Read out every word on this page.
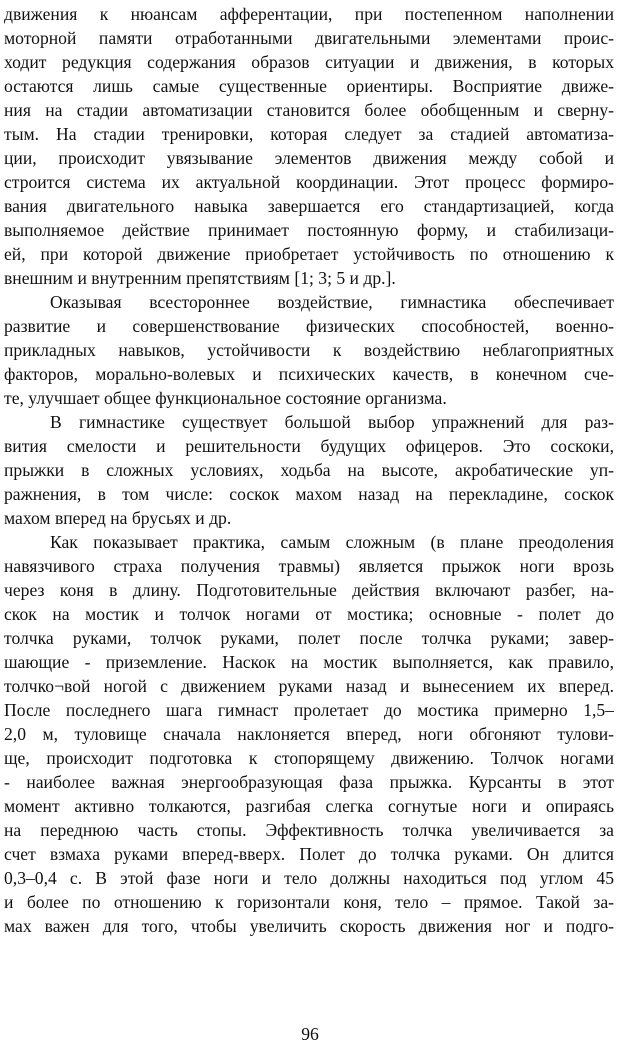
движения к нюансам афферентации, при постепенном наполнении
моторной памяти отработанными двигательными элементами проис-
ходит редукция содержания образов ситуации и движения, в которых
остаются лишь самые существенные ориентиры. Восприятие движе-
ния на стадии автоматизации становится более обобщенным и сверну-
тым. На стадии тренировки, которая следует за стадией автоматиза-
ции, происходит увязывание элементов движения между собой и
строится система их актуальной координации. Этот процесс формиро-
вания двигательного навыка завершается его стандартизацией, когда
выполняемое действие принимает постоянную форму, и стабилизаци-
ей, при которой движение приобретает устойчивость по отношению к
внешним и внутренним препятствиям [1; 3; 5 и др.].
Оказывая всестороннее воздействие, гимнастика обеспечивает
развитие и совершенствование физических способностей, военно-
прикладных навыков, устойчивости к воздействию неблагоприятных
факторов, морально-волевых и психических качеств, в конечном сче-
те, улучшает общее функциональное состояние организма.
В гимнастике существует большой выбор упражнений для раз-
вития смелости и решительности будущих офицеров. Это соскоки,
прыжки в сложных условиях, ходьба на высоте, акробатические уп-
ражнения, в том числе: соскок махом назад на перекладине, соскок
махом вперед на брусьях и др.
Как показывает практика, самым сложным (в плане преодоления
навязчивого страха получения травмы) является прыжок ноги врозь
через коня в длину. Подготовительные действия включают разбег, на-
скок на мостик и толчок ногами от мостика; основные - полет до
толчка руками, толчок руками, полет после толчка руками; завер-
шающие - приземление. Наскок на мостик выполняется, как правило,
толчко¬вой ногой с движением руками назад и вынесением их вперед.
После последнего шага гимнаст пролетает до мостика примерно 1,5–
2,0 м, туловище сначала наклоняется вперед, ноги обгоняют тулови-
ще, происходит подготовка к стопорящему движению. Толчок ногами
- наиболее важная энергообразующая фаза прыжка. Курсанты в этот
момент активно толкаются, разгибая слегка согнутые ноги и опираясь
на переднюю часть стопы. Эффективность толчка увеличивается за
счет взмаха руками вперед-вверх. Полет до толчка руками. Он длится
0,3–0,4 с. В этой фазе ноги и тело должны находиться под углом 45
и более по отношению к горизонтали коня, тело – прямое. Такой за-
мах важен для того, чтобы увеличить скорость движения ног и подго-
96
